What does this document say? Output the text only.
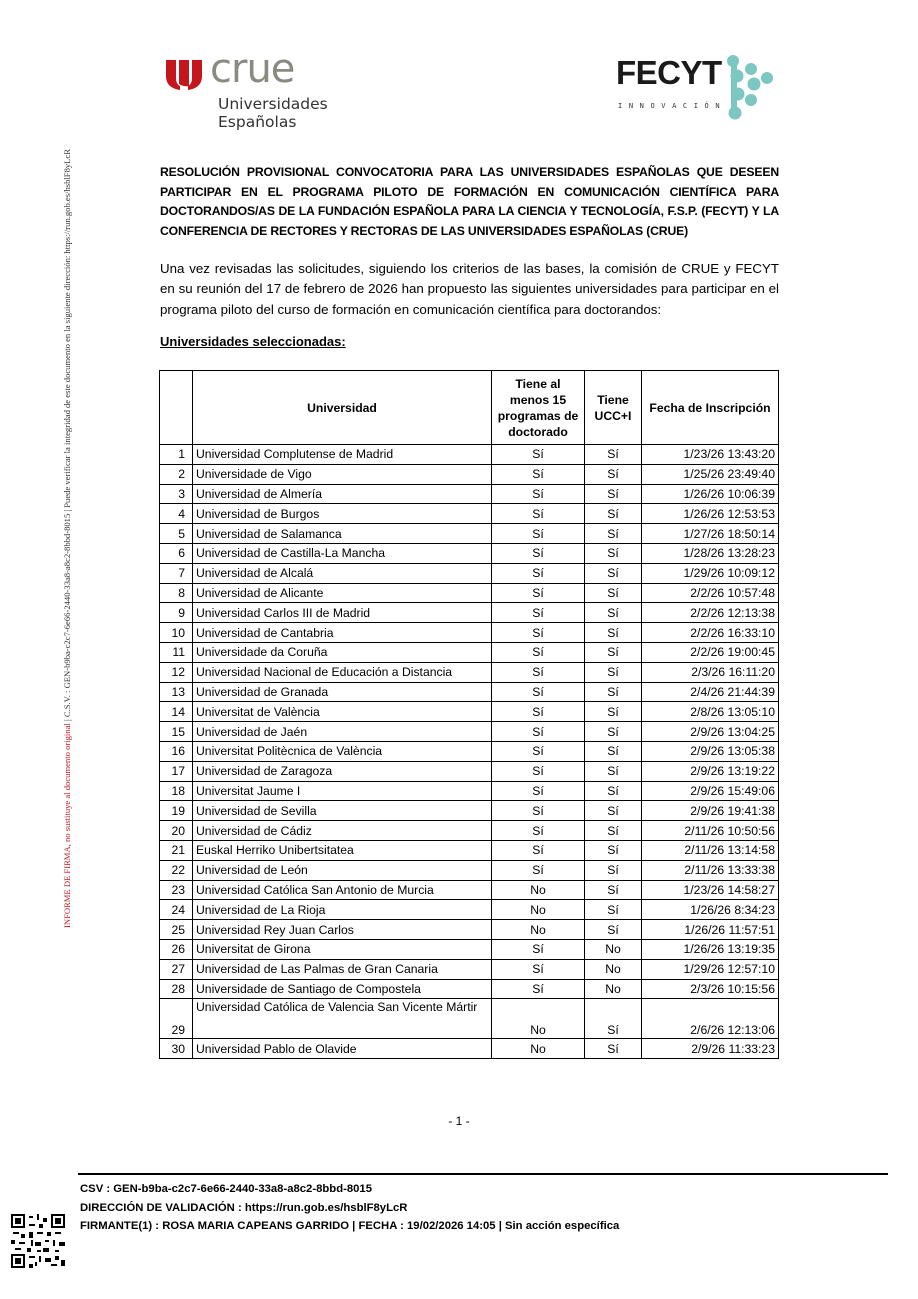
INFORME DE FIRMA, no sustituye al documento original | C.S.V. : GEN-b9ba-c2c7-6e66-2440-33a8-a8c2-8bbd-8015 | Puede verificar la integridad de este documento en la siguiente dirección: https://run.gob.es/hsblF8yLcR
crue
Universidades
Españolas
FECYT
INNOVACIÓN
RESOLUCIÓN PROVISIONAL CONVOCATORIA PARA LAS UNIVERSIDADES ESPAÑOLAS QUE DESEEN PARTICIPAR EN EL PROGRAMA PILOTO DE FORMACIÓN EN COMUNICACIÓN CIENTÍFICA PARA DOCTORANDOS/AS DE LA FUNDACIÓN ESPAÑOLA PARA LA CIENCIA Y TECNOLOGÍA, F.S.P. (FECYT) Y LA CONFERENCIA DE RECTORES Y RECTORAS DE LAS UNIVERSIDADES ESPAÑOLAS (CRUE)
Una vez revisadas las solicitudes, siguiendo los criterios de las bases, la comisión de CRUE y FECYT en su reunión del 17 de febrero de 2026 han propuesto las siguientes universidades para participar en el programa piloto del curso de formación en comunicación científica para doctorandos:
Universidades seleccionadas:
	Universidad	Tiene al menos 15 programas de doctorado	Tiene UCC+I	Fecha de Inscripción
1	Universidad Complutense de Madrid	Sí	Sí	1/23/26 13:43:20
2	Universidade de Vigo	Sí	Sí	1/25/26 23:49:40
3	Universidad de Almería	Sí	Sí	1/26/26 10:06:39
4	Universidad de Burgos	Sí	Sí	1/26/26 12:53:53
5	Universidad de Salamanca	Sí	Sí	1/27/26 18:50:14
6	Universidad de Castilla-La Mancha	Sí	Sí	1/28/26 13:28:23
7	Universidad de Alcalá	Sí	Sí	1/29/26 10:09:12
8	Universidad de Alicante	Sí	Sí	2/2/26 10:57:48
9	Universidad Carlos III de Madrid	Sí	Sí	2/2/26 12:13:38
10	Universidad de Cantabria	Sí	Sí	2/2/26 16:33:10
11	Universidade da Coruña	Sí	Sí	2/2/26 19:00:45
12	Universidad Nacional de Educación a Distancia	Sí	Sí	2/3/26 16:11:20
13	Universidad de Granada	Sí	Sí	2/4/26 21:44:39
14	Universitat de València	Sí	Sí	2/8/26 13:05:10
15	Universidad de Jaén	Sí	Sí	2/9/26 13:04:25
16	Universitat Politècnica de València	Sí	Sí	2/9/26 13:05:38
17	Universidad de Zaragoza	Sí	Sí	2/9/26 13:19:22
18	Universitat Jaume I	Sí	Sí	2/9/26 15:49:06
19	Universidad de Sevilla	Sí	Sí	2/9/26 19:41:38
20	Universidad de Cádiz	Sí	Sí	2/11/26 10:50:56
21	Euskal Herriko Unibertsitatea	Sí	Sí	2/11/26 13:14:58
22	Universidad de León	Sí	Sí	2/11/26 13:33:38
23	Universidad Católica San Antonio de Murcia	No	Sí	1/23/26 14:58:27
24	Universidad de La Rioja	No	Sí	1/26/26 8:34:23
25	Universidad Rey Juan Carlos	No	Sí	1/26/26 11:57:51
26	Universitat de Girona	Sí	No	1/26/26 13:19:35
27	Universidad de Las Palmas de Gran Canaria	Sí	No	1/29/26 12:57:10
28	Universidade de Santiago de Compostela	Sí	No	2/3/26 10:15:56
29	Universidad Católica de Valencia San Vicente Mártir	No	Sí	2/6/26 12:13:06
30	Universidad Pablo de Olavide	No	Sí	2/9/26 11:33:23
- 1 -
CSV : GEN-b9ba-c2c7-6e66-2440-33a8-a8c2-8bbd-8015
DIRECCIÓN DE VALIDACIÓN : https://run.gob.es/hsblF8yLcR
FIRMANTE(1) : ROSA MARIA CAPEANS GARRIDO | FECHA : 19/02/2026 14:05 | Sin acción específica
